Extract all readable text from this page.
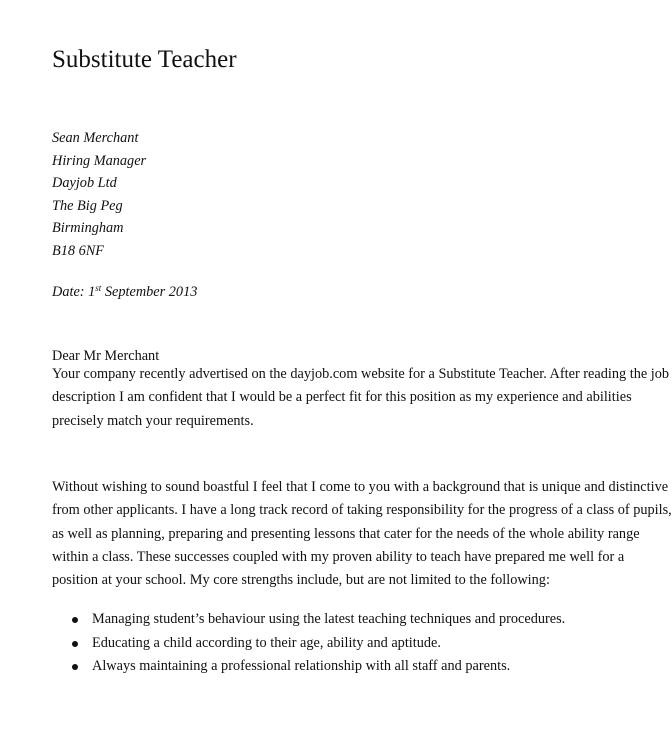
Substitute Teacher
Sean Merchant
Hiring Manager
Dayjob Ltd
The Big Peg
Birmingham
B18 6NF
Date: 1st September 2013
Dear Mr Merchant
Your company recently advertised on the dayjob.com website for a Substitute Teacher. After reading the job
description I am confident that I would be a perfect fit for this position as my experience and abilities
precisely match your requirements.
Without wishing to sound boastful I feel that I come to you with a background that is unique and distinctive
from other applicants. I have a long track record of taking responsibility for the progress of a class of pupils,
as well as planning, preparing and presenting lessons that cater for the needs of the whole ability range
within a class. These successes coupled with my proven ability to teach have prepared me well for a
position at your school. My core strengths include, but are not limited to the following:
Managing student’s behaviour using the latest teaching techniques and procedures.
Educating a child according to their age, ability and aptitude.
Always maintaining a professional relationship with all staff and parents.
